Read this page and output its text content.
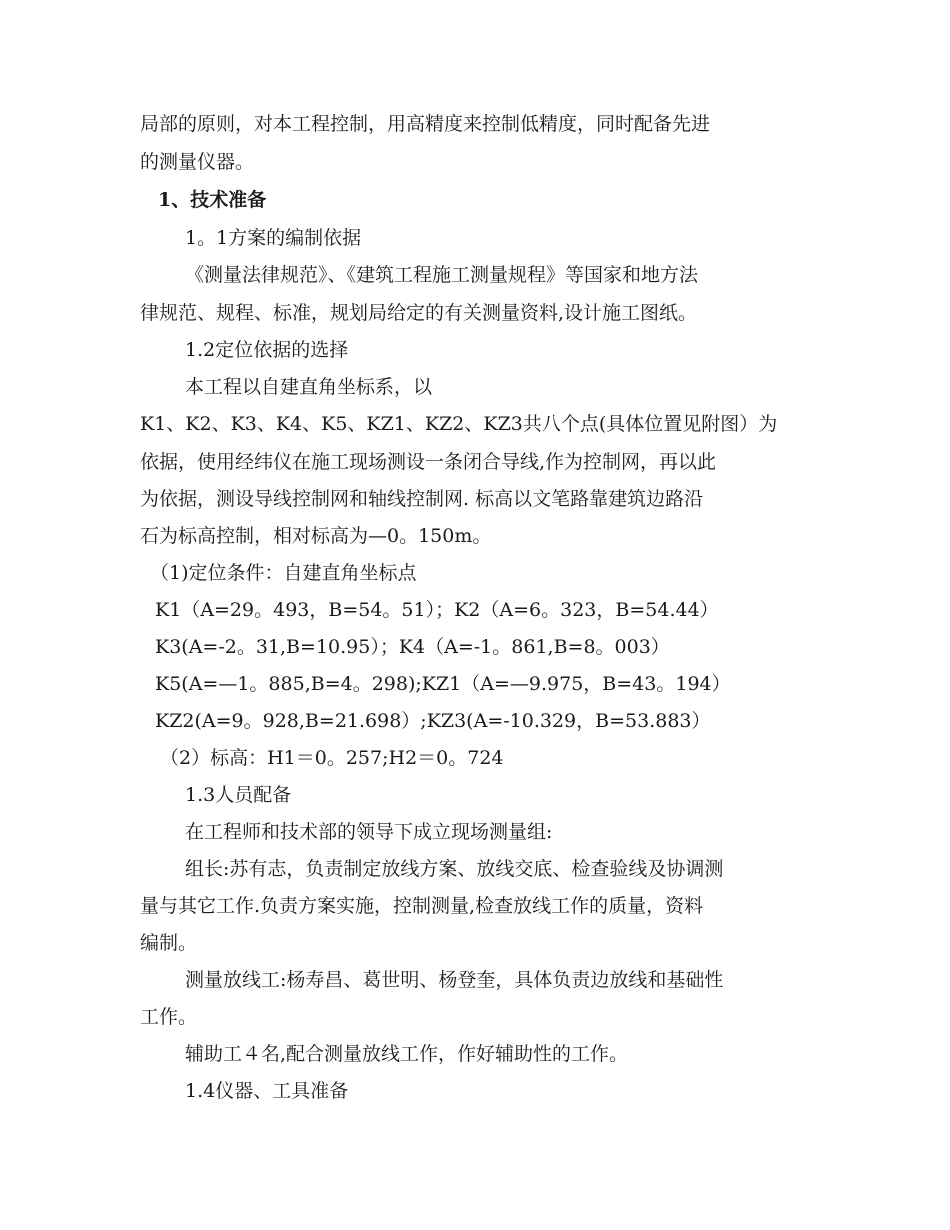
局部的原则，对本工程控制，用高精度来控制低精度，同时配备先进
的测量仪器。
1、技术准备
1。1方案的编制依据
《测量法律规范》、《建筑工程施工测量规程》等国家和地方法
律规范、规程、标准，规划局给定的有关测量资料,设计施工图纸。
1.2定位依据的选择
本工程以自建直角坐标系，以
K1、K2、K3、K4、K5、KZ1、KZ2、KZ3共八个点(具体位置见附图）为
依据，使用经纬仪在施工现场测设一条闭合导线,作为控制网，再以此
为依据，测设导线控制网和轴线控制网. 标高以文笔路靠建筑边路沿
石为标高控制，相对标高为—0。150m。
（1)定位条件：自建直角坐标点
K1（A=29。493，B=54。51）；K2（A=6。323，B=54.44）
K3(A=-2。31,B=10.95）；K4（A=-1。861,B=8。003）
K5(A=—1。885,B=4。298);KZ1（A=—9.975，B=43。194）
KZ2(A=9。928,B=21.698）;KZ3(A=-10.329，B=53.883）
（2）标高：H1＝0。257;H2＝0。724
1.3人员配备
在工程师和技术部的领导下成立现场测量组:
组长:苏有志，负责制定放线方案、放线交底、检查验线及协调测
量与其它工作.负责方案实施，控制测量,检查放线工作的质量，资料
编制。
测量放线工:杨寿昌、葛世明、杨登奎，具体负责边放线和基础性
工作。
辅助工４名,配合测量放线工作，作好辅助性的工作。
1.4仪器、工具准备
